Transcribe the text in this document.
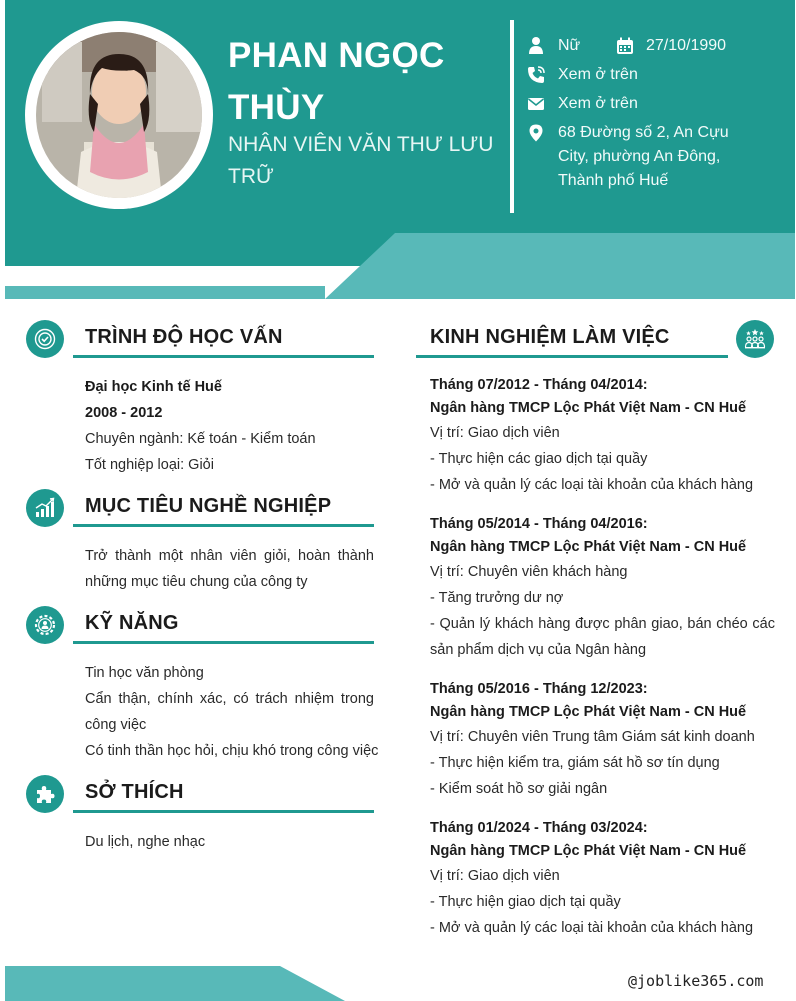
PHAN NGỌC THÙY
NHÂN VIÊN VĂN THƯ LƯU TRỮ
Nữ	27/10/1990
Xem ở trên
Xem ở trên
68 Đường số 2, An Cựu City, phường An Đông, Thành phố Huế
TRÌNH ĐỘ HỌC VẤN
Đại học Kinh tế Huế
2008 - 2012
Chuyên ngành: Kế toán - Kiểm toán
Tốt nghiệp loại: Giỏi
MỤC TIÊU NGHỀ NGHIỆP
Trở thành một nhân viên giỏi, hoàn thành những mục tiêu chung của công ty
KỸ NĂNG
Tin học văn phòng
Cẩn thận, chính xác, có trách nhiệm trong công việc
Có tinh thần học hỏi, chịu khó trong công việc
SỞ THÍCH
Du lịch, nghe nhạc
KINH NGHIỆM LÀM VIỆC
Tháng 07/2012 - Tháng 04/2014:
Ngân hàng TMCP Lộc Phát Việt Nam - CN Huế
Vị trí: Giao dịch viên
- Thực hiện các giao dịch tại quầy
- Mở và quản lý các loại tài khoản của khách hàng
Tháng 05/2014 - Tháng 04/2016:
Ngân hàng TMCP Lộc Phát Việt Nam - CN Huế
Vị trí: Chuyên viên khách hàng
- Tăng trưởng dư nợ
- Quản lý khách hàng được phân giao, bán chéo các sản phẩm dịch vụ của Ngân hàng
Tháng 05/2016 - Tháng 12/2023:
Ngân hàng TMCP Lộc Phát Việt Nam - CN Huế
Vị trí: Chuyên viên Trung tâm Giám sát kinh doanh
- Thực hiện kiểm tra, giám sát hồ sơ tín dụng
- Kiểm soát hồ sơ giải ngân
Tháng 01/2024 - Tháng 03/2024:
Ngân hàng TMCP Lộc Phát Việt Nam - CN Huế
Vị trí: Giao dịch viên
- Thực hiện giao dịch tại quầy
- Mở và quản lý các loại tài khoản của khách hàng
@joblike365.com
